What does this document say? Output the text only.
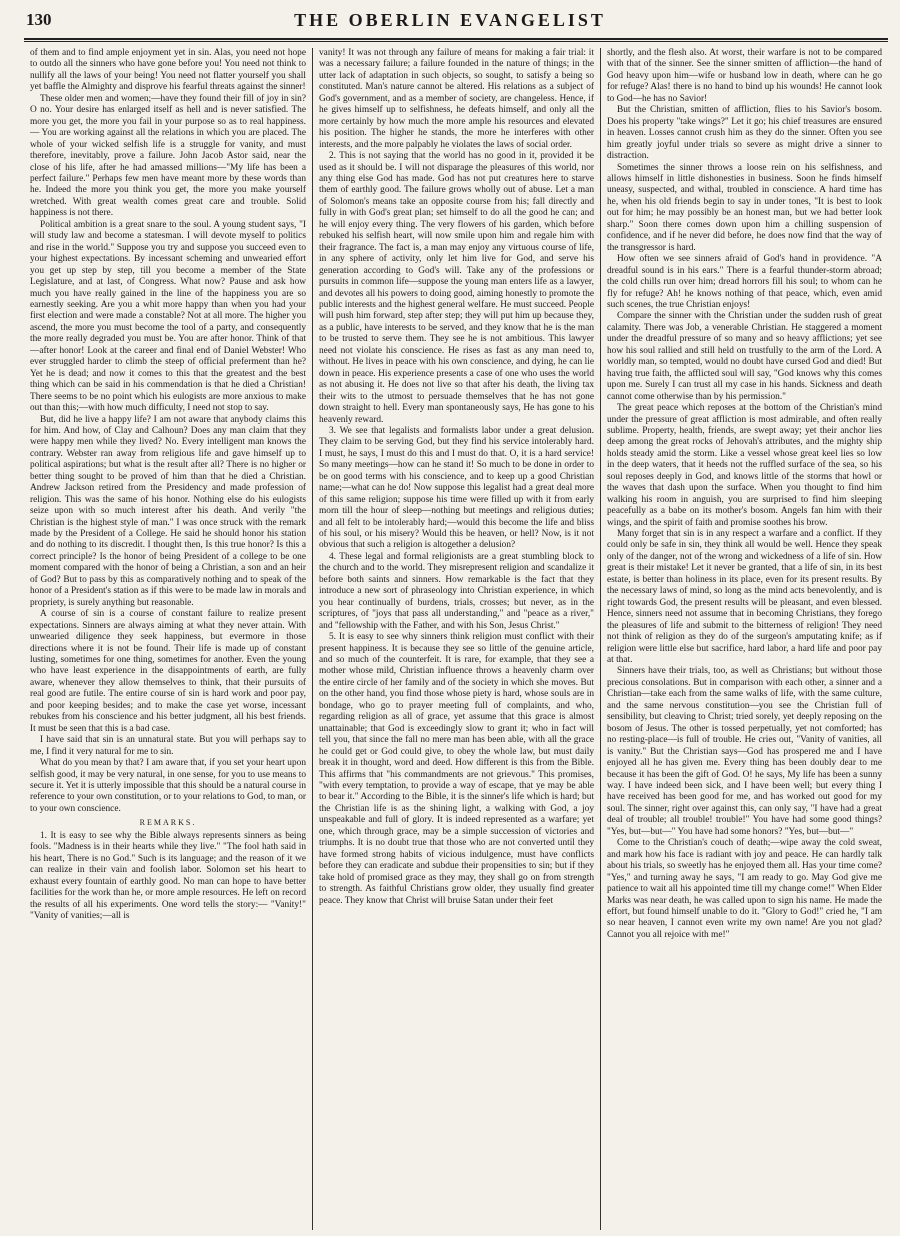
130	THE OBERLIN EVANGELIST

of them and to find ample enjoyment yet in sin. Alas, you need not hope to outdo all the sinners who have gone before you! You need not think to nullify all the laws of your being! You need not flatter yourself you shall yet baffle the Almighty and disprove his fearful threats against the sinner!

These older men and women;—have they found their fill of joy in sin? O no. Your desire has enlarged itself as hell and is never satisfied. The more you get, the more you fail in your purpose so as to real happiness.— You are working against all the relations in which you are placed. The whole of your wicked selfish life is a struggle for vanity, and must therefore, inevitably, prove a failure. John Jacob Astor said, near the close of his life, after he had amassed millions—"My life has been a perfect failure." Perhaps few men have meant more by these words than he. Indeed the more you think you get, the more you make yourself wretched. With great wealth comes great care and trouble. Solid happiness is not there.

Political ambition is a great snare to the soul. A young student says, "I will study law and become a statesman. I will devote myself to politics and rise in the world." Suppose you try and suppose you succeed even to your highest expectations. By incessant scheming and unwearied effort you get up step by step, till you become a member of the State Legislature, and at last, of Congress. What now? Pause and ask how much you have really gained in the line of the happiness you are so earnestly seeking. Are you a whit more happy than when you had your first election and were made a constable? Not at all more. The higher you ascend, the more you must become the tool of a party, and consequently the more really degraded you must be. You are after honor. Think of that—after honor! Look at the career and final end of Daniel Webster! Who ever struggled harder to climb the steep of official preferment than he? Yet he is dead; and now it comes to this that the greatest and the best thing which can be said in his commendation is that he died a Christian! There seems to be no point which his eulogists are more anxious to make out than this;—with how much difficulty, I need not stop to say.

But, did he live a happy life? I am not aware that anybody claims this for him. And how, of Clay and Calhoun? Does any man claim that they were happy men while they lived? No. Every intelligent man knows the contrary. Webster ran away from religious life and gave himself up to political aspirations; but what is the result after all? There is no higher or better thing sought to be proved of him than that he died a Christian. Andrew Jackson retired from the Presidency and made profession of religion. This was the same of his honor. Nothing else do his eulogists seize upon with so much interest after his death. And verily "the Christian is the highest style of man." I was once struck with the remark made by the President of a College. He said he should honor his station and do nothing to its discredit. I thought then, Is this true honor? Is this a correct principle? Is the honor of being President of a college to be one moment compared with the honor of being a Christian, a son and an heir of God? But to pass by this as comparatively nothing and to speak of the honor of a President's station as if this were to be made law in morals and propriety, is surely anything but reasonable.

A course of sin is a course of constant failure to realize present expectations. Sinners are always aiming at what they never attain. With unwearied diligence they seek happiness, but evermore in those directions where it is not be found. Their life is made up of constant lusting, sometimes for one thing, sometimes for another. Even the young who have least experience in the disappointments of earth, are fully aware, whenever they allow themselves to think, that their pursuits of real good are futile. The entire course of sin is hard work and poor pay, and poor keeping besides; and to make the case yet worse, incessant rebukes from his conscience and his better judgment, all his best friends. It must be seen that this is a bad case.

I have said that sin is an unnatural state. But you will perhaps say to me, I find it very natural for me to sin.

What do you mean by that? I am aware that, if you set your heart upon selfish good, it may be very natural, in one sense, for you to use means to secure it. Yet it is utterly impossible that this should be a natural course in reference to your own constitution, or to your relations to God, to man, or to your own conscience.

REMARKS.

1. It is easy to see why the Bible always represents sinners as being fools. "Madness is in their hearts while they live." "The fool hath said in his heart, There is no God." Such is its language; and the reason of it we can realize in their vain and foolish labor. Solomon set his heart to exhaust every fountain of earthly good. No man can hope to have better facilities for the work than he, or more ample resources. He left on record the results of all his experiments. One word tells the story:— "Vanity!" "Vanity of vanities;—all is

vanity! It was not through any failure of means for making a fair trial: it was a necessary failure; a failure founded in the nature of things; in the utter lack of adaptation in such objects, so sought, to satisfy a being so constituted. Man's nature cannot be altered. His relations as a subject of God's government, and as a member of society, are changeless. Hence, if he gives himself up to selfishness, he defeats himself, and only all the more certainly by how much the more ample his resources and elevated his position. The higher he stands, the more he interferes with other interests, and the more palpably he violates the laws of social order.

2. This is not saying that the world has no good in it, provided it be used as it should be. I will not disparage the pleasures of this world, nor any thing else God has made. God has not put creatures here to starve them of earthly good. The failure grows wholly out of abuse. Let a man of Solomon's means take an opposite course from his; fall directly and fully in with God's great plan; set himself to do all the good he can; and he will enjoy every thing. The very flowers of his garden, which before rebuked his selfish heart, will now smile upon him and regale him with their fragrance. The fact is, a man may enjoy any virtuous course of life, in any sphere of activity, only let him live for God, and serve his generation according to God's will. Take any of the professions or pursuits in common life—suppose the young man enters life as a lawyer, and devotes all his powers to doing good, aiming honestly to promote the public interests and the highest general welfare. He must succeed. People will push him forward, step after step; they will put him up because they, as a public, have interests to be served, and they know that he is the man to be trusted to serve them. They see he is not ambitious. This lawyer need not violate his conscience. He rises as fast as any man need to, without. He lives in peace with his own conscience, and dying, he can lie down in peace. His experience presents a case of one who uses the world as not abusing it. He does not live so that after his death, the living tax their wits to the utmost to persuade themselves that he has not gone down straight to hell. Every man spontaneously says, He has gone to his heavenly reward.

3. We see that legalists and formalists labor under a great delusion. They claim to be serving God, but they find his service intolerably hard. I must, he says, I must do this and I must do that. O, it is a hard service! So many meetings—how can he stand it! So much to be done in order to be on good terms with his conscience, and to keep up a good Christian name;—what can he do! Now suppose this legalist had a great deal more of this same religion; suppose his time were filled up with it from early morn till the hour of sleep—nothing but meetings and religious duties; and all felt to be intolerably hard;—would this become the life and bliss of his soul, or his misery? Would this be heaven, or hell? Now, is it not obvious that such a religion is altogether a delusion?

4. These legal and formal religionists are a great stumbling block to the church and to the world. They misrepresent religion and scandalize it before both saints and sinners. How remarkable is the fact that they introduce a new sort of phraseology into Christian experience, in which you hear continually of burdens, trials, crosses; but never, as in the scriptures, of "joys that pass all understanding," and "peace as a river," and "fellowship with the Father, and with his Son, Jesus Christ."

5. It is easy to see why sinners think religion must conflict with their present happiness. It is because they see so little of the genuine article, and so much of the counterfeit. It is rare, for example, that they see a mother whose mild, Christian influence throws a heavenly charm over the entire circle of her family and of the society in which she moves. But on the other hand, you find those whose piety is hard, whose souls are in bondage, who go to prayer meeting full of complaints, and who, regarding religion as all of grace, yet assume that this grace is almost unattainable; that God is exceedingly slow to grant it; who in fact will tell you, that since the fall no mere man has been able, with all the grace he could get or God could give, to obey the whole law, but must daily break it in thought, word and deed. How different is this from the Bible. This affirms that "his commandments are not grievous." This promises, "with every temptation, to provide a way of escape, that ye may be able to bear it." According to the Bible, it is the sinner's life which is hard; but the Christian life is as the shining light, a walking with God, a joy unspeakable and full of glory. It is indeed represented as a warfare; yet one, which through grace, may be a simple succession of victories and triumphs. It is no doubt true that those who are not converted until they have formed strong habits of vicious indulgence, must have conflicts before they can eradicate and subdue their propensities to sin; but if they take hold of promised grace as they may, they shall go on from strength to strength. As faithful Christians grow older, they usually find greater peace. They know that Christ will bruise Satan under their feet

shortly, and the flesh also. At worst, their warfare is not to be compared with that of the sinner. See the sinner smitten of affliction—the hand of God heavy upon him—wife or husband low in death, where can he go for refuge? Alas! there is no hand to bind up his wounds! He cannot look to God—he has no Savior!

But the Christian, smitten of affliction, flies to his Savior's bosom. Does his property "take wings?" Let it go; his chief treasures are ensured in heaven. Losses cannot crush him as they do the sinner. Often you see him greatly joyful under trials so severe as might drive a sinner to distraction.

Sometimes the sinner throws a loose rein on his selfishness, and allows himself in little dishonesties in business. Soon he finds himself uneasy, suspected, and withal, troubled in conscience. A hard time has he, when his old friends begin to say in under tones, "It is best to look out for him; he may possibly be an honest man, but we had better look sharp." Soon there comes down upon him a chilling suspension of confidence, and if he never did before, he does now find that the way of the transgressor is hard.

How often we see sinners afraid of God's hand in providence. "A dreadful sound is in his ears." There is a fearful thunder-storm abroad; the cold chills run over him; dread horrors fill his soul; to whom can he fly for refuge? Ah! he knows nothing of that peace, which, even amid such scenes, the true Christian enjoys!

Compare the sinner with the Christian under the sudden rush of great calamity. There was Job, a venerable Christian. He staggered a moment under the dreadful pressure of so many and so heavy afflictions; yet see how his soul rallied and still held on trustfully to the arm of the Lord. A worldly man, so tempted, would no doubt have cursed God and died! But having true faith, the afflicted soul will say, "God knows why this comes upon me. Surely I can trust all my case in his hands. Sickness and death cannot come otherwise than by his permission."

The great peace which reposes at the bottom of the Christian's mind under the pressure of great affliction is most admirable, and often really sublime. Property, health, friends, are swept away; yet their anchor lies deep among the great rocks of Jehovah's attributes, and the mighty ship holds steady amid the storm. Like a vessel whose great keel lies so low in the deep waters, that it heeds not the ruffled surface of the sea, so his soul reposes deeply in God, and knows little of the storms that howl or the waves that dash upon the surface. When you thought to find him walking his room in anguish, you are surprised to find him sleeping peacefully as a babe on its mother's bosom. Angels fan him with their wings, and the spirit of faith and promise soothes his brow.

Many forget that sin is in any respect a warfare and a conflict. If they could only be safe in sin, they think all would be well. Hence they speak only of the danger, not of the wrong and wickedness of a life of sin. How great is their mistake! Let it never be granted, that a life of sin, in its best estate, is better than holiness in its place, even for its present results. By the necessary laws of mind, so long as the mind acts benevolently, and is right towards God, the present results will be pleasant, and even blessed. Hence, sinners need not assume that in becoming Christians, they forego the pleasures of life and submit to the bitterness of religion! They need not think of religion as they do of the surgeon's amputating knife; as if religion were little else but sacrifice, hard labor, a hard life and poor pay at that.

Sinners have their trials, too, as well as Christians; but without those precious consolations. But in comparison with each other, a sinner and a Christian—take each from the same walks of life, with the same culture, and the same nervous constitution—you see the Christian full of sensibility, but cleaving to Christ; tried sorely, yet deeply reposing on the bosom of Jesus. The other is tossed perpetually, yet not comforted; has no resting-place—is full of trouble. He cries out, "Vanity of vanities, all is vanity." But the Christian says—God has prospered me and I have enjoyed all he has given me. Every thing has been doubly dear to me because it has been the gift of God. O! he says, My life has been a sunny way. I have indeed been sick, and I have been well; but every thing I have received has been good for me, and has worked out good for my soul. The sinner, right over against this, can only say, "I have had a great deal of trouble; all trouble! trouble!" You have had some good things? "Yes, but—but—" You have had some honors? "Yes, but—but—"

Come to the Christian's couch of death;—wipe away the cold sweat, and mark how his face is radiant with joy and peace. He can hardly talk about his trials, so sweetly has he enjoyed them all. Has your time come? "Yes," and turning away he says, "I am ready to go. May God give me patience to wait all his appointed time till my change come!" When Elder Marks was near death, he was called upon to sign his name. He made the effort, but found himself unable to do it. "Glory to God!" cried he, "I am so near heaven, I cannot even write my own name! Are you not glad? Cannot you all rejoice with me!"
